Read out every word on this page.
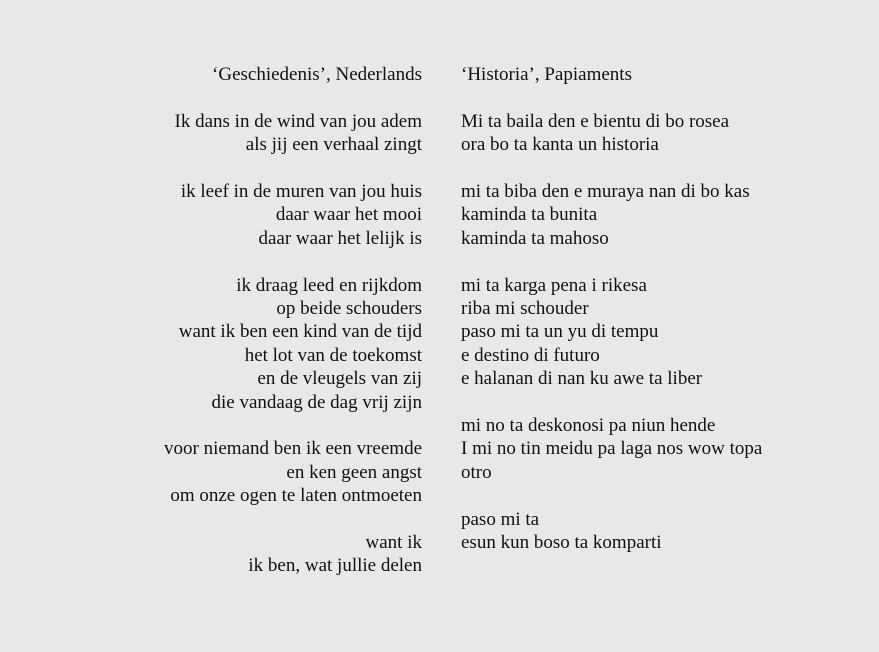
‘Geschiedenis’, Nederlands
Ik dans in de wind van jou adem
als jij een verhaal zingt
ik leef in de muren van jou huis
daar waar het mooi
daar waar het lelijk is
ik draag leed en rijkdom
op beide schouders
want ik ben een kind van de tijd
het lot van de toekomst
en de vleugels van zij
die vandaag de dag vrij zijn
voor niemand ben ik een vreemde
en ken geen angst
om onze ogen te laten ontmoeten
want ik
ik ben, wat jullie delen
‘Historia’, Papiaments
Mi ta baila den e bientu di bo rosea
ora bo ta kanta un historia
mi ta biba den e muraya nan di bo kas
kaminda ta bunita
kaminda ta mahoso
mi ta karga pena i rikesa
riba mi schouder
paso mi ta un yu di tempu
e destino di futuro
e halanan di nan ku awe ta liber
mi no ta deskonosi pa niun hende
I mi no tin meidu pa laga nos wow topa
otro
paso mi ta
esun kun boso ta komparti
